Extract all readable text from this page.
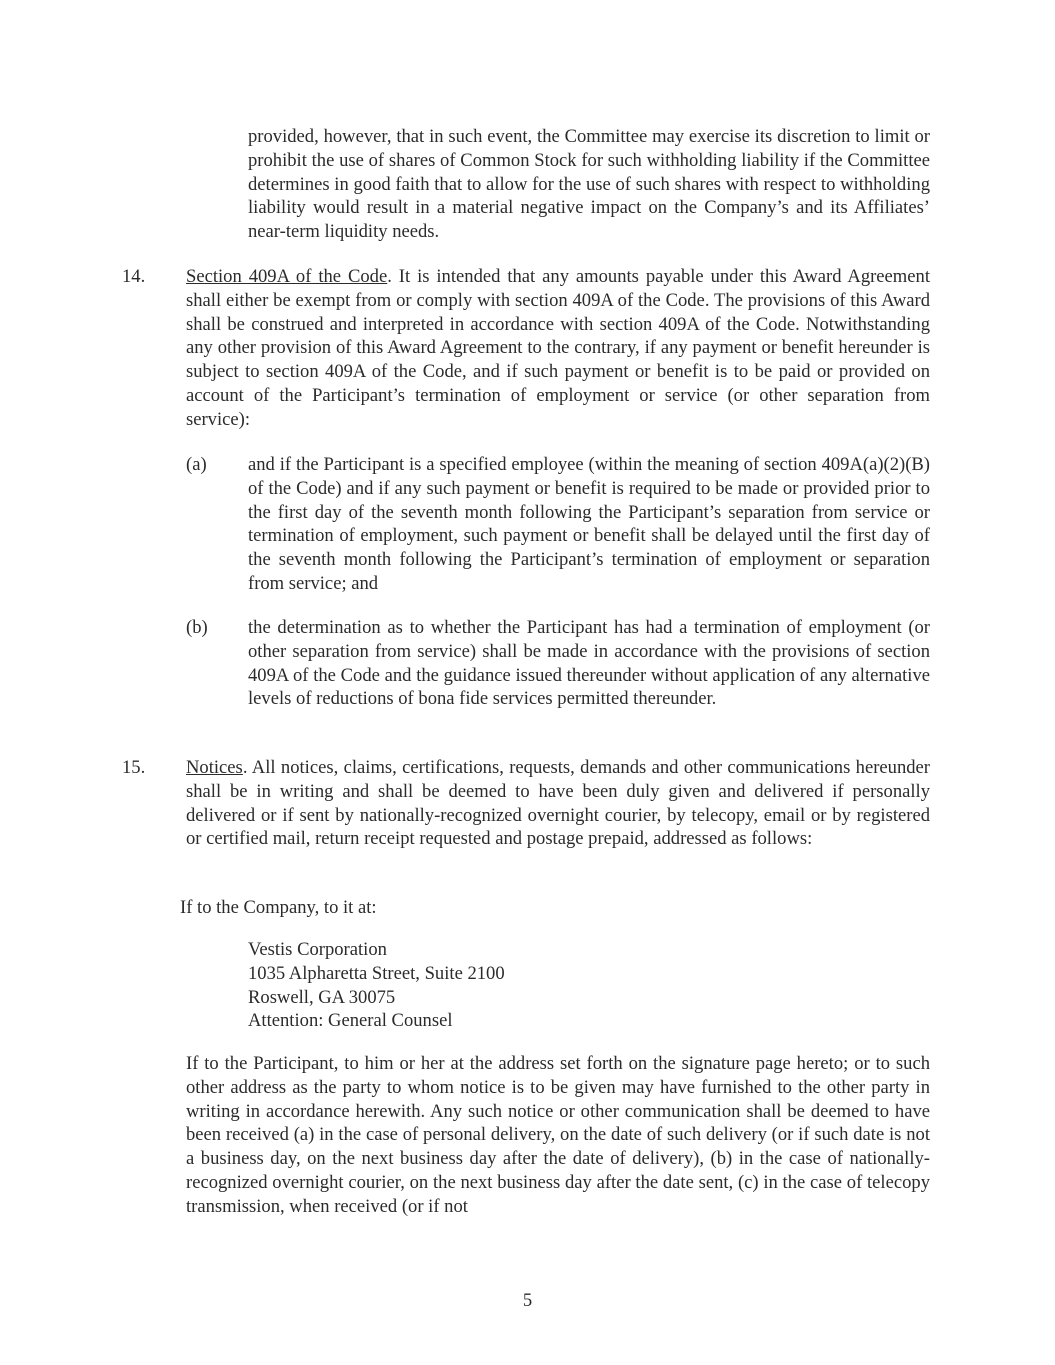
provided, however, that in such event, the Committee may exercise its discretion to limit or prohibit the use of shares of Common Stock for such withholding liability if the Committee determines in good faith that to allow for the use of such shares with respect to withholding liability would result in a material negative impact on the Company’s and its Affiliates’ near-term liquidity needs.

14. Section 409A of the Code. It is intended that any amounts payable under this Award Agreement shall either be exempt from or comply with section 409A of the Code. The provisions of this Award shall be construed and interpreted in accordance with section 409A of the Code. Notwithstanding any other provision of this Award Agreement to the contrary, if any payment or benefit hereunder is subject to section 409A of the Code, and if such payment or benefit is to be paid or provided on account of the Participant’s termination of employment or service (or other separation from service):

(a) and if the Participant is a specified employee (within the meaning of section 409A(a)(2)(B) of the Code) and if any such payment or benefit is required to be made or provided prior to the first day of the seventh month following the Participant’s separation from service or termination of employment, such payment or benefit shall be delayed until the first day of the seventh month following the Participant’s termination of employment or separation from service; and

(b) the determination as to whether the Participant has had a termination of employment (or other separation from service) shall be made in accordance with the provisions of section 409A of the Code and the guidance issued thereunder without application of any alternative levels of reductions of bona fide services permitted thereunder.

15. Notices. All notices, claims, certifications, requests, demands and other communications hereunder shall be in writing and shall be deemed to have been duly given and delivered if personally delivered or if sent by nationally-recognized overnight courier, by telecopy, email or by registered or certified mail, return receipt requested and postage prepaid, addressed as follows:

If to the Company, to it at:

Vestis Corporation
1035 Alpharetta Street, Suite 2100
Roswell, GA 30075
Attention: General Counsel

If to the Participant, to him or her at the address set forth on the signature page hereto; or to such other address as the party to whom notice is to be given may have furnished to the other party in writing in accordance herewith. Any such notice or other communication shall be deemed to have been received (a) in the case of personal delivery, on the date of such delivery (or if such date is not a business day, on the next business day after the date of delivery), (b) in the case of nationally-recognized overnight courier, on the next business day after the date sent, (c) in the case of telecopy transmission, when received (or if not

5
